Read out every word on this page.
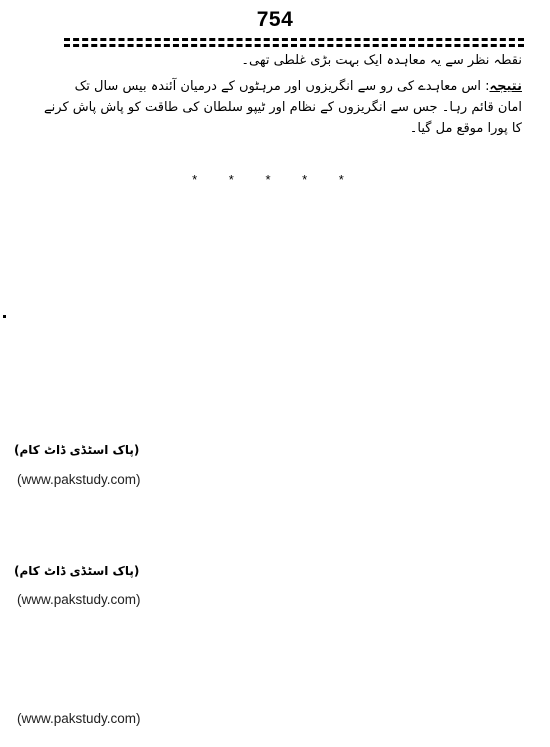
754
نقطہ نظر سے یہ معاہدہ ایک بہت بڑی غلطی تھی۔
نتیجہ: اس معاہدے کی رو سے انگریزوں اور مرہٹوں کے درمیان آئندہ بیس سال تک
امان قائم رہا۔ جس سے انگریزوں کے نظام اور ٹیپو سلطان کی طاقت کو پاش پاش کرنے
کا پورا موقع مل گیا۔
* * * * *
(پاک اسٹڈی ڈاٹ کام)
(www.pakstudy.com)
(پاک اسٹڈی ڈاٹ کام)
(www.pakstudy.com)
(www.pakstudy.com)
